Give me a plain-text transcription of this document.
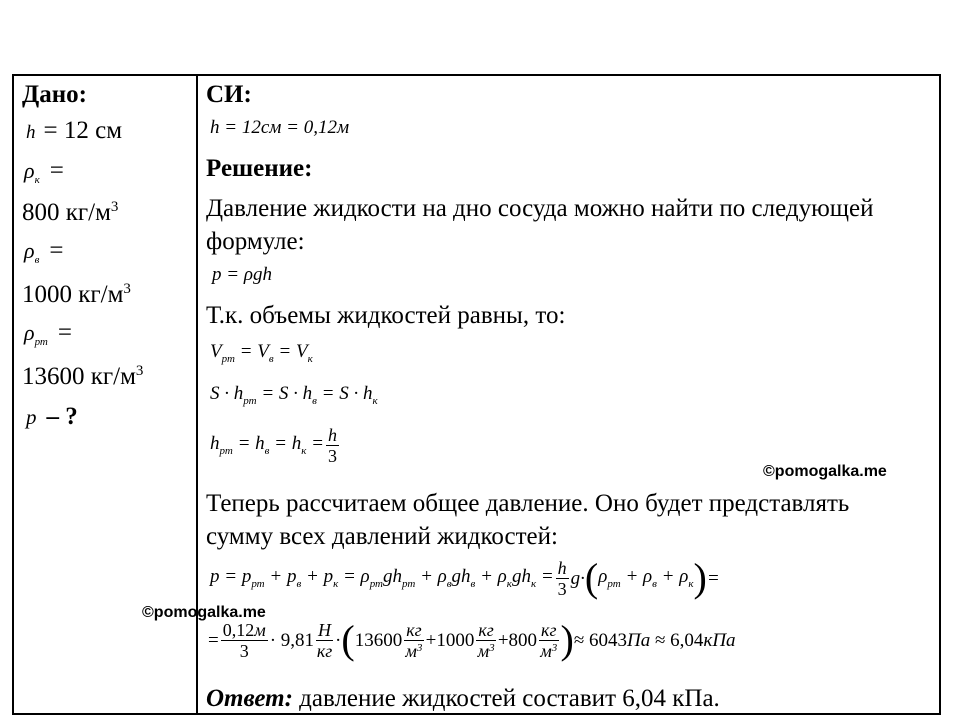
Дано:
h = 12 см
$\rho_к$ =
800 $кг/м^3$
$\rho_в$ =
1000 $кг/м^3$
$\rho_{рт}$ =
13600 $кг/м^3$
p – ?
СИ:
h = 12см = 0,12м
Решение:
Давление жидкости на дно сосуда можно найти по следующей
формуле:
p = ρgh
Т.к. объемы жидкостей равны, то:
$V_{рт} = V_в = V_к$
$S \cdot h_{рт} = S \cdot h_в = S \cdot h_к$
$h_{рт} = h_в = h_к = \frac{h}{3}$
©pomogalka.me
Теперь рассчитаем общее давление. Оно будет представлять
сумму всех давлений жидкостей:
$p = p_{рт} + p_в + p_к = \rho_{рт}gh_{рт} + \rho_вgh_в + \rho_кgh_к = \frac{h}{3} g\cdot$ ( $\rho_{рт} + \rho_в + \rho_к$ ) =
©pomogalka.me
= $\frac{0,12м}{3} \cdot 9,81 \frac{Н}{кг}$ · ( $13600 \frac{кг}{м^3} +1000 \frac{кг}{м^3} +800 \frac{кг}{м^3}$ ) ≈ 6043Па ≈ 6,04кПа
Ответ: давление жидкостей составит 6,04 кПа.
